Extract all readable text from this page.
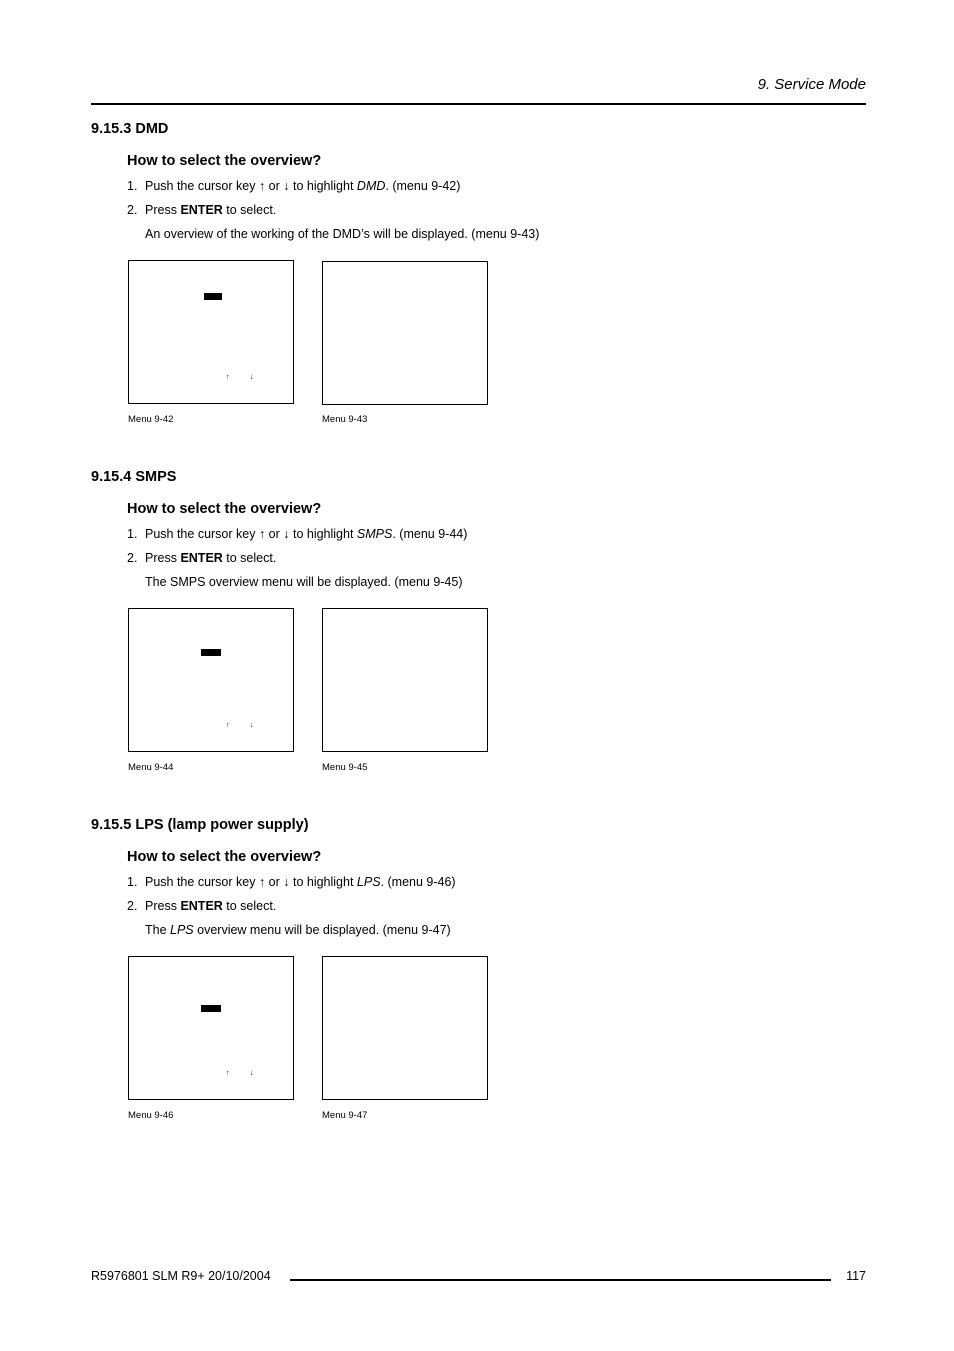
9. Service Mode
9.15.3 DMD
How to select the overview?
1. Push the cursor key ↑ or ↓ to highlight DMD. (menu 9-42)
2. Press ENTER to select.
An overview of the working of the DMD’s will be displayed. (menu 9-43)
↑	↓
Menu 9-42	Menu 9-43
9.15.4 SMPS
How to select the overview?
1. Push the cursor key ↑ or ↓ to highlight SMPS. (menu 9-44)
2. Press ENTER to select.
The SMPS overview menu will be displayed. (menu 9-45)
↑	↓
Menu 9-44	Menu 9-45
9.15.5 LPS (lamp power supply)
How to select the overview?
1. Push the cursor key ↑ or ↓ to highlight LPS. (menu 9-46)
2. Press ENTER to select.
The LPS overview menu will be displayed. (menu 9-47)
↑	↓
Menu 9-46	Menu 9-47
R5976801 SLM R9+ 20/10/2004	117
